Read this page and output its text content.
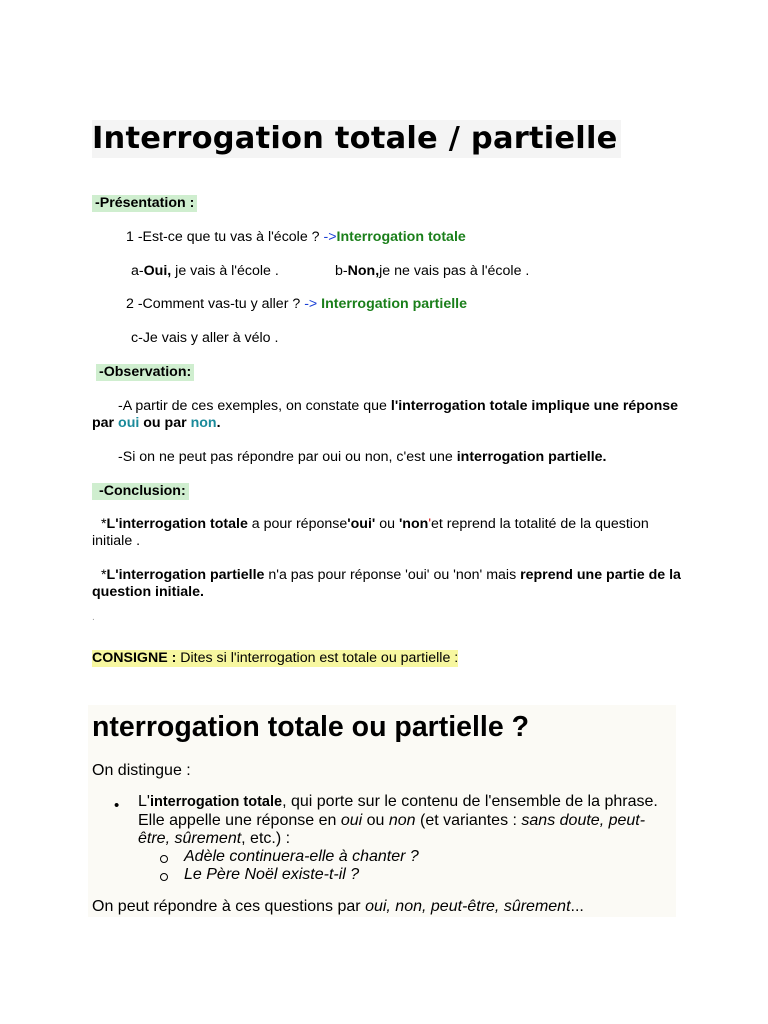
Interrogation totale / partielle
-Présentation :
1 -Est-ce que tu vas à l'école ? ->Interrogation totale
a-Oui, je vais à l'école .	b-Non,je ne vais pas à l'école .
2 -Comment vas-tu y aller ? -> Interrogation partielle
c-Je vais y aller à vélo .
-Observation:
-A partir de ces exemples, on constate que l'interrogation totale implique une réponse par oui ou par non.
-Si on ne peut pas répondre par oui ou non, c'est une interrogation partielle.
-Conclusion:
*L'interrogation totale a pour réponse'oui' ou 'non'et reprend la totalité de la question initiale .
*L'interrogation partielle n'a pas pour réponse 'oui' ou 'non' mais reprend une partie de la question initiale.
.
CONSIGNE : Dites si l'interrogation est totale ou partielle :
nterrogation totale ou partielle ?
On distingue :
• L'interrogation totale, qui porte sur le contenu de l'ensemble de la phrase. Elle appelle une réponse en oui ou non (et variantes : sans doute, peut-être, sûrement, etc.) :
Adèle continuera-elle à chanter ?
Le Père Noël existe-t-il ?
On peut répondre à ces questions par oui, non, peut-être, sûrement...
